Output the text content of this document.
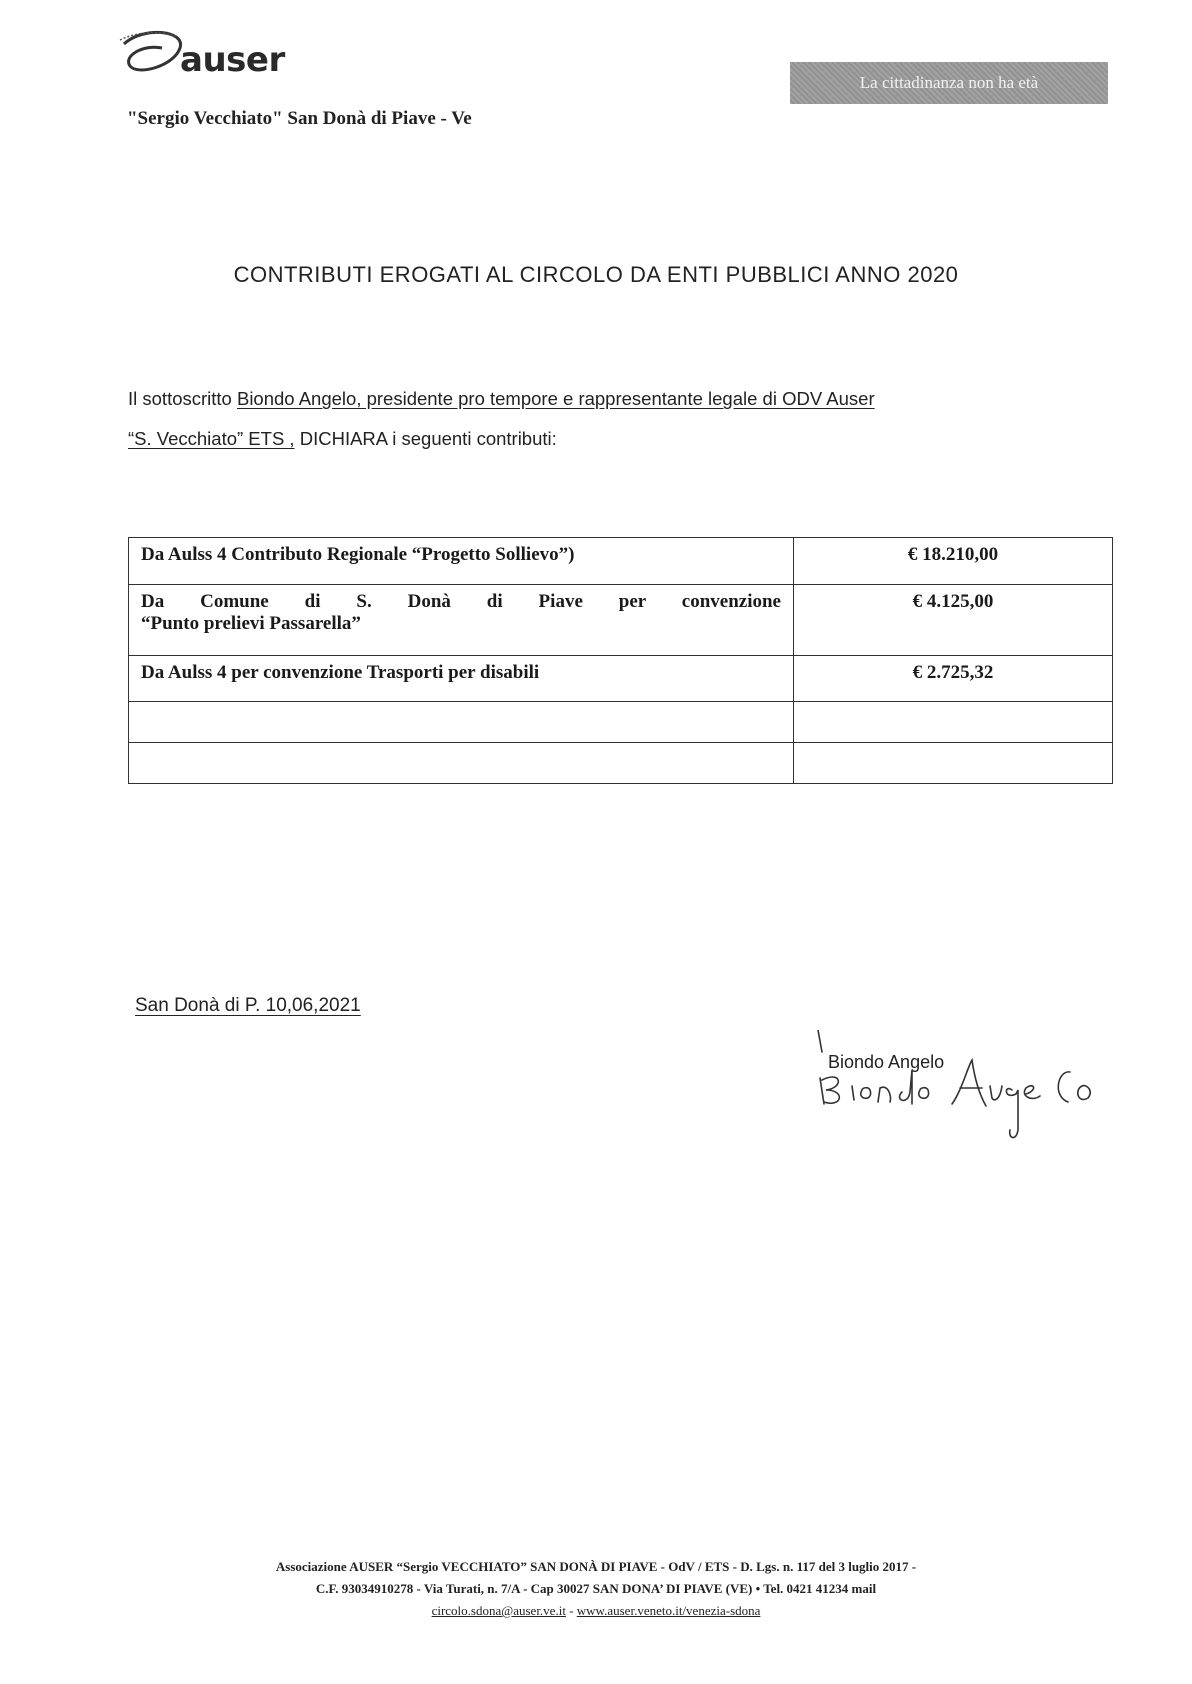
auser
"Sergio Vecchiato" San Donà di Piave - Ve
La cittadinanza non ha età
CONTRIBUTI EROGATI AL CIRCOLO DA ENTI PUBBLICI ANNO 2020
Il sottoscritto Biondo Angelo, presidente pro tempore e rappresentante legale di ODV Auser
“S. Vecchiato” ETS , DICHIARA i seguenti contributi:
Da Aulss 4 Contributo Regionale “Progetto Sollievo”)	€ 18.210,00

Da Comune di S. Donà di Piave per convenzione
“Punto prelievi Passarella”	€ 4.125,00
Da Aulss 4 per convenzione Trasporti per disabili	€ 2.725,32

San Donà di P. 10,06,2021
Biondo Angelo
Associazione AUSER “Sergio VECCHIATO” SAN DONÀ DI PIAVE - OdV / ETS - D. Lgs. n. 117 del 3 luglio 2017 -
C.F. 93034910278 - Via Turati, n. 7/A - Cap 30027 SAN DONA’ DI PIAVE (VE) • Tel. 0421 41234 mail
circolo.sdona@auser.ve.it - www.auser.veneto.it/venezia-sdona
